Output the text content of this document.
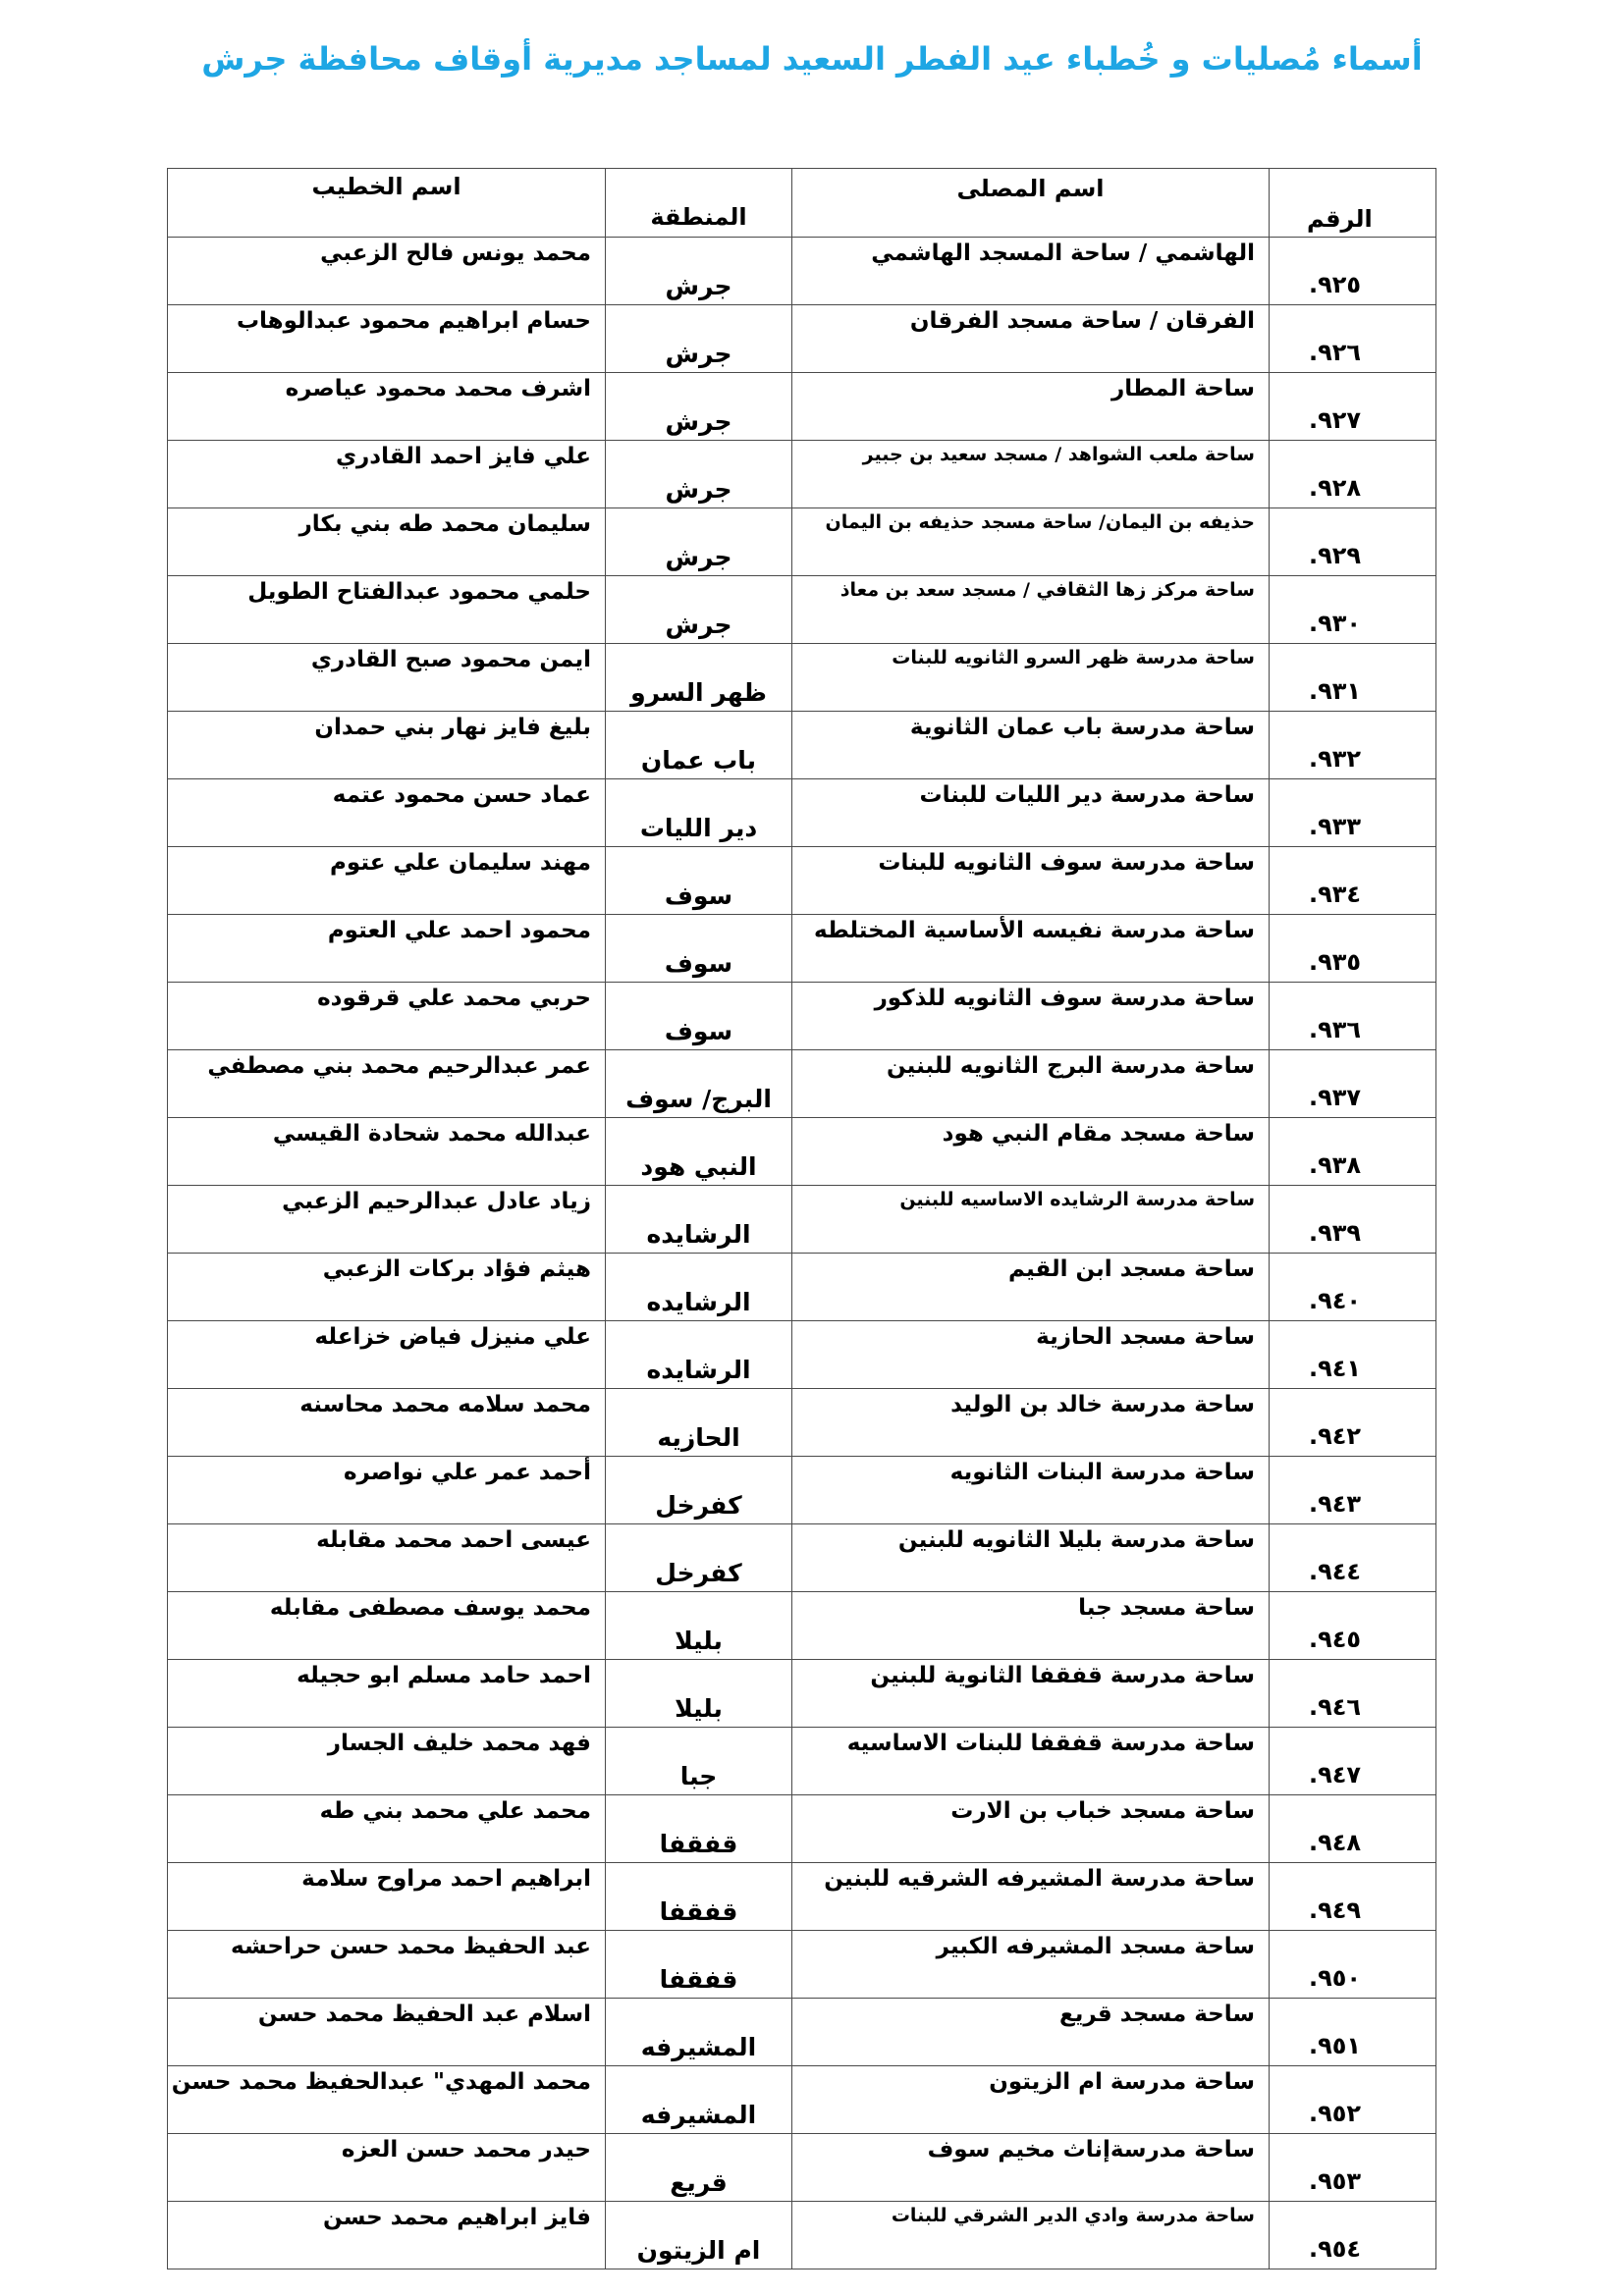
أسماء مُصليات و خُطباء عيد الفطر السعيد لمساجد مديرية أوقاف محافظة جرش
الرقم	اسم المصلى	المنطقة	اسم الخطيب
٩٢٥.	الهاشمي / ساحة المسجد الهاشمي	جرش	محمد يونس فالح الزعبي
٩٢٦.	الفرقان / ساحة مسجد الفرقان	جرش	حسام ابراهيم محمود عبدالوهاب
٩٢٧.	ساحة المطار	جرش	اشرف محمد محمود عياصره
٩٢٨.	ساحة ملعب الشواهد / مسجد سعيد بن جبير	جرش	علي فايز احمد القادري
٩٢٩.	حذيفه بن اليمان/ ساحة مسجد حذيفه بن اليمان	جرش	سليمان محمد طه بني بكار
٩٣٠.	ساحة مركز زها الثقافي / مسجد سعد بن معاذ	جرش	حلمي محمود عبدالفتاح الطويل
٩٣١.	ساحة مدرسة ظهر السرو الثانويه للبنات	ظهر السرو	ايمن محمود صبح القادري
٩٣٢.	ساحة مدرسة باب عمان الثانوية	باب عمان	بليغ فايز نهار بني حمدان
٩٣٣.	ساحة مدرسة دير الليات للبنات	دير الليات	عماد حسن محمود عتمه
٩٣٤.	ساحة مدرسة سوف الثانويه للبنات	سوف	مهند سليمان علي عتوم
٩٣٥.	ساحة مدرسة نفيسه الأساسية المختلطه	سوف	محمود احمد علي العتوم
٩٣٦.	ساحة مدرسة سوف الثانويه للذكور	سوف	حربي محمد علي قرقوده
٩٣٧.	ساحة مدرسة البرج الثانويه للبنين	البرج/ سوف	عمر عبدالرحيم محمد بني مصطفي
٩٣٨.	ساحة مسجد مقام النبي هود	النبي هود	عبدالله محمد شحادة القيسي
٩٣٩.	ساحة مدرسة الرشايده الاساسيه للبنين	الرشايده	زياد عادل عبدالرحيم الزعبي
٩٤٠.	ساحة مسجد ابن القيم	الرشايده	هيثم فؤاد بركات الزعبي
٩٤١.	ساحة مسجد الحازية	الرشايده	علي منيزل فياض خزاعله
٩٤٢.	ساحة مدرسة خالد بن الوليد	الحازيه	محمد سلامه محمد محاسنه
٩٤٣.	ساحة مدرسة البنات الثانويه	كفرخل	أحمد عمر علي نواصره
٩٤٤.	ساحة مدرسة بليلا الثانويه للبنين	كفرخل	عيسى احمد محمد مقابله
٩٤٥.	ساحة مسجد جبا	بليلا	محمد يوسف مصطفى مقابله
٩٤٦.	ساحة مدرسة قفقفا الثانوية للبنين	بليلا	احمد حامد مسلم ابو حجيله
٩٤٧.	ساحة مدرسة قفقفا للبنات الاساسيه	جبا	فهد محمد خليف الجسار
٩٤٨.	ساحة مسجد خباب بن الارت	قفقفا	محمد علي محمد بني طه
٩٤٩.	ساحة مدرسة المشيرفه الشرقيه للبنين	قفقفا	ابراهيم احمد مراوح سلامة
٩٥٠.	ساحة مسجد المشيرفه الكبير	قفقفا	عبد الحفيظ محمد حسن حراحشه
٩٥١.	ساحة مسجد قريع	المشيرفه	اسلام عبد الحفيظ محمد حسن
٩٥٢.	ساحة مدرسة ام الزيتون	المشيرفه	محمد المهدي" عبدالحفيظ محمد حسن
٩٥٣.	ساحة مدرسةإناث مخيم سوف	قريع	حيدر محمد حسن العزه
٩٥٤.	ساحة مدرسة وادي الدير الشرقي للبنات	ام الزيتون	فايز ابراهيم محمد حسن
